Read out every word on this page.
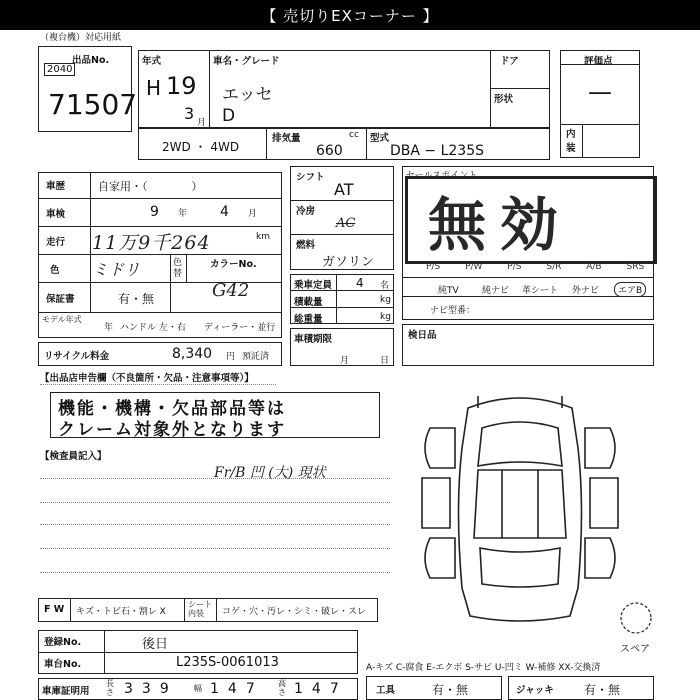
【 売切りEXコーナー 】
（複台機）対応用紙
出品No.
2040
71507
年式
H 19
3 月
車名・グレード
エッセ
D
ドア
形状
評価点
—
内装
2WD ・ 4WD
排気量	cc
660
型式
DBA − L235S
車歴	自家用・（　　　　）
車検	9 年 4 月
走行 11万9千264	km
色 ミドリ	色替
カラーNo.
G42
保証書	有・無
モデル年式
年 ハンドル 左・右 ディーラー・並行
リサイクル料金	8,340 円 預託済
シフト
AT
冷房
AC
燃料
ガソリン
乗車定員 4 名
積載量	kg
総重量	kg
車積期限
月	日
セールスポイント
無効
P/S	P/W	P/S	S/R	A/B	SRS
純TV	純ナビ 革シート 外ナビ	エアB
ナビ型番：
検日品
【出品店申告欄（不良箇所・欠品・注意事項等）】
機能・機構・欠品部品等は
クレーム対象外となります
【検査員記入】
Fr/B 凹 (大) 現状
スペア
F W キズ・トビ石・割レ X
シート内装	コゲ・穴・汚レ・シミ・破レ・スレ
登録No.	後日
車台No.	L235S-0061013	A-キズ C-腐食 E-エクボ S-サビ U-凹ミ W-補修 XX-交換済
車庫証明用
長さ 339 幅 147 高さ 147	工具	有・無	ジャッキ	有・無
